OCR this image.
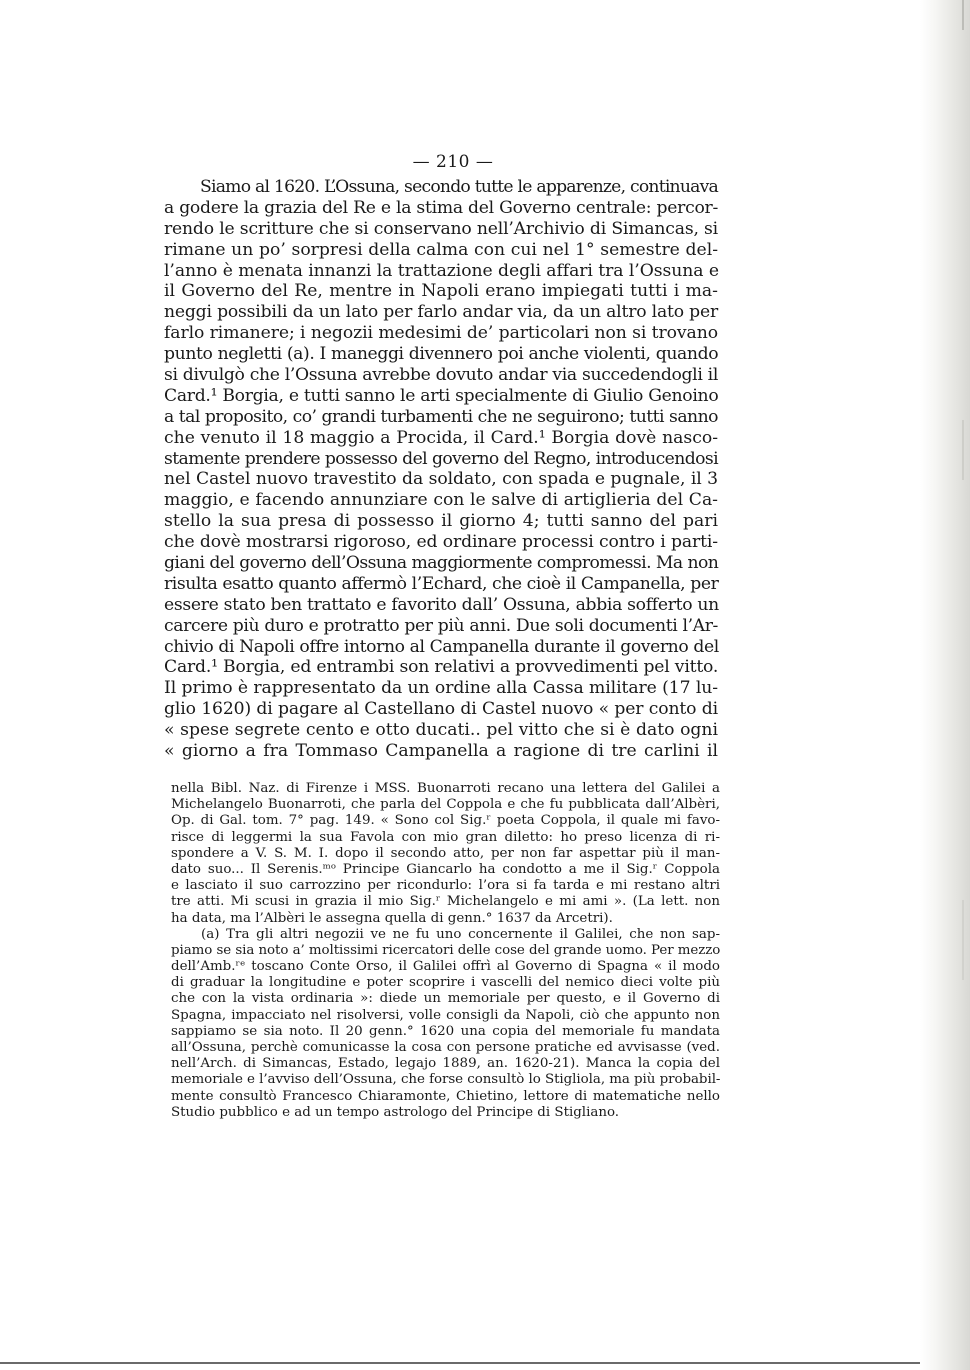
— 210 —
Siamo al 1620. L’Ossuna, secondo tutte le apparenze, continuava
a godere la grazia del Re e la stima del Governo centrale: percor-
rendo le scritture che si conservano nell’Archivio di Simancas, si
rimane un po’ sorpresi della calma con cui nel 1° semestre del-
l’anno è menata innanzi la trattazione degli affari tra l’Ossuna e
il Governo del Re, mentre in Napoli erano impiegati tutti i ma-
neggi possibili da un lato per farlo andar via, da un altro lato per
farlo rimanere; i negozii medesimi de’ particolari non si trovano
punto negletti (a). I maneggi divennero poi anche violenti, quando
si divulgò che l’Ossuna avrebbe dovuto andar via succedendogli il
Card.¹ Borgia, e tutti sanno le arti specialmente di Giulio Genoino
a tal proposito, co’ grandi turbamenti che ne seguirono; tutti sanno
che venuto il 18 maggio a Procida, il Card.¹ Borgia dovè nasco-
stamente prendere possesso del governo del Regno, introducendosi
nel Castel nuovo travestito da soldato, con spada e pugnale, il 3
maggio, e facendo annunziare con le salve di artiglieria del Ca-
stello la sua presa di possesso il giorno 4; tutti sanno del pari
che dovè mostrarsi rigoroso, ed ordinare processi contro i parti-
giani del governo dell’Ossuna maggiormente compromessi. Ma non
risulta esatto quanto affermò l’Echard, che cioè il Campanella, per
essere stato ben trattato e favorito dall’ Ossuna, abbia sofferto un
carcere più duro e protratto per più anni. Due soli documenti l’Ar-
chivio di Napoli offre intorno al Campanella durante il governo del
Card.¹ Borgia, ed entrambi son relativi a provvedimenti pel vitto.
Il primo è rappresentato da un ordine alla Cassa militare (17 lu-
glio 1620) di pagare al Castellano di Castel nuovo « per conto di
« spese segrete cento e otto ducati.. pel vitto che si è dato ogni
« giorno a fra Tommaso Campanella a ragione di tre carlini il
nella Bibl. Naz. di Firenze i MSS. Buonarroti recano una lettera del Galilei a
Michelangelo Buonarroti, che parla del Coppola e che fu pubblicata dall’Albèri,
Op. di Gal. tom. 7° pag. 149. « Sono col Sig.ʳ poeta Coppola, il quale mi favo-
risce di leggermi la sua Favola con mio gran diletto: ho preso licenza di ri-
spondere a V. S. M. I. dopo il secondo atto, per non far aspettar più il man-
dato suo... Il Serenis.ᵐᵒ Principe Giancarlo ha condotto a me il Sig.ʳ Coppola
e lasciato il suo carrozzino per ricondurlo: l’ora si fa tarda e mi restano altri
tre atti. Mi scusi in grazia il mio Sig.ʳ Michelangelo e mi ami ». (La lett. non
ha data, ma l’Albèri le assegna quella di genn.° 1637 da Arcetri).
(a) Tra gli altri negozii ve ne fu uno concernente il Galilei, che non sap-
piamo se sia noto a’ moltissimi ricercatori delle cose del grande uomo. Per mezzo
dell’Amb.ʳᵉ toscano Conte Orso, il Galilei offrì al Governo di Spagna « il modo
di graduar la longitudine e poter scoprire i vascelli del nemico dieci volte più
che con la vista ordinaria »: diede un memoriale per questo, e il Governo di
Spagna, impacciato nel risolversi, volle consigli da Napoli, ciò che appunto non
sappiamo se sia noto. Il 20 genn.° 1620 una copia del memoriale fu mandata
all’Ossuna, perchè comunicasse la cosa con persone pratiche ed avvisasse (ved.
nell’Arch. di Simancas, Estado, legajo 1889, an. 1620-21). Manca la copia del
memoriale e l’avviso dell’Ossuna, che forse consultò lo Stigliola, ma più probabil-
mente consultò Francesco Chiaramonte, Chietino, lettore di matematiche nello
Studio pubblico e ad un tempo astrologo del Principe di Stigliano.
